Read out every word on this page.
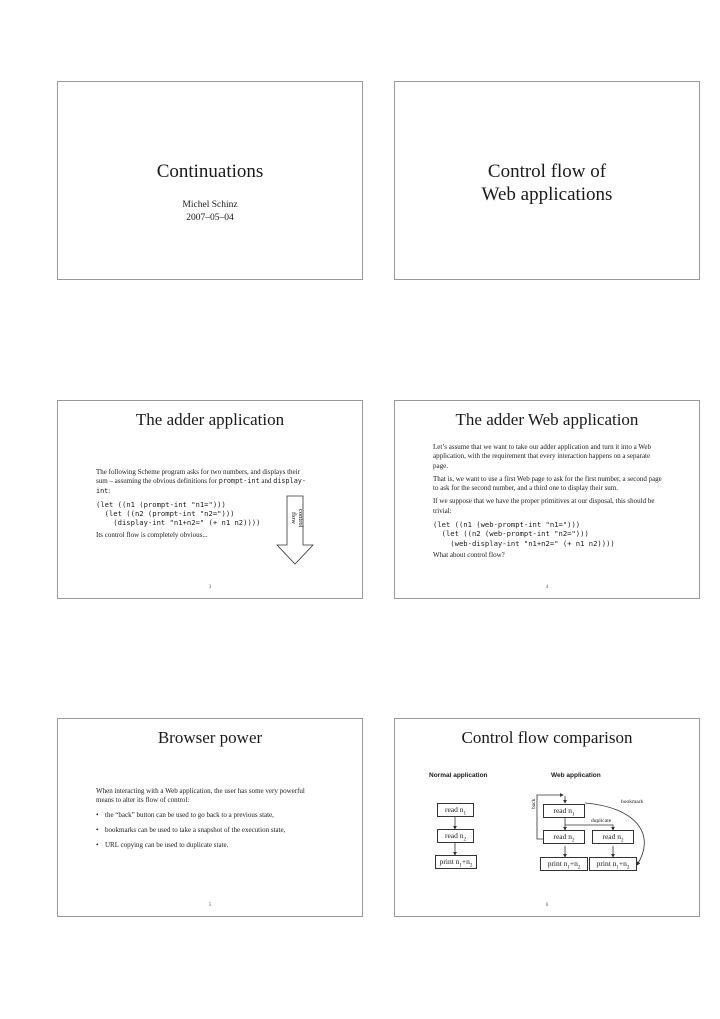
Continuations
Michel Schinz
2007–05–04
Control flow of
Web applications
The adder application

The following Scheme program asks for two numbers, and displays their sum – assuming the obvious definitions for prompt-int and display-int:

(let ((n1 (prompt-int "n1=")))
(let ((n2 (prompt-int "n2=")))
(display-int "n1+n2=" (+ n1 n2))))

Its control flow is completely obvious...

control
flow
3
The adder Web application

Let’s assume that we want to take our adder application and turn it into a Web application, with the requirement that every interaction happens on a separate page.

That is, we want to use a first Web page to ask for the first number, a second page to ask for the second number, and a third one to display their sum.

If we suppose that we have the proper primitives at our disposal, this should be trivial:

(let ((n1 (web-prompt-int "n1=")))
(let ((n2 (web-prompt-int "n2=")))
(web-display-int "n1+n2=" (+ n1 n2))))

What about control flow?

4
Browser power

When interacting with a Web application, the user has some very powerful means to alter its flow of control:

• the “back” button can be used to go back to a previous state,
• bookmarks can be used to take a snapshot of the execution state,
• URL copying can be used to duplicate state.
5
Control flow comparison
Normal application	Web application
back
read $n_1$
read $n_2$
print $n_1+n_2$
read $n_1$
read $n_2$	read $n_2$
print $n_1+n_2$	print $n_1+n_2$
bookmark
duplicate
6
